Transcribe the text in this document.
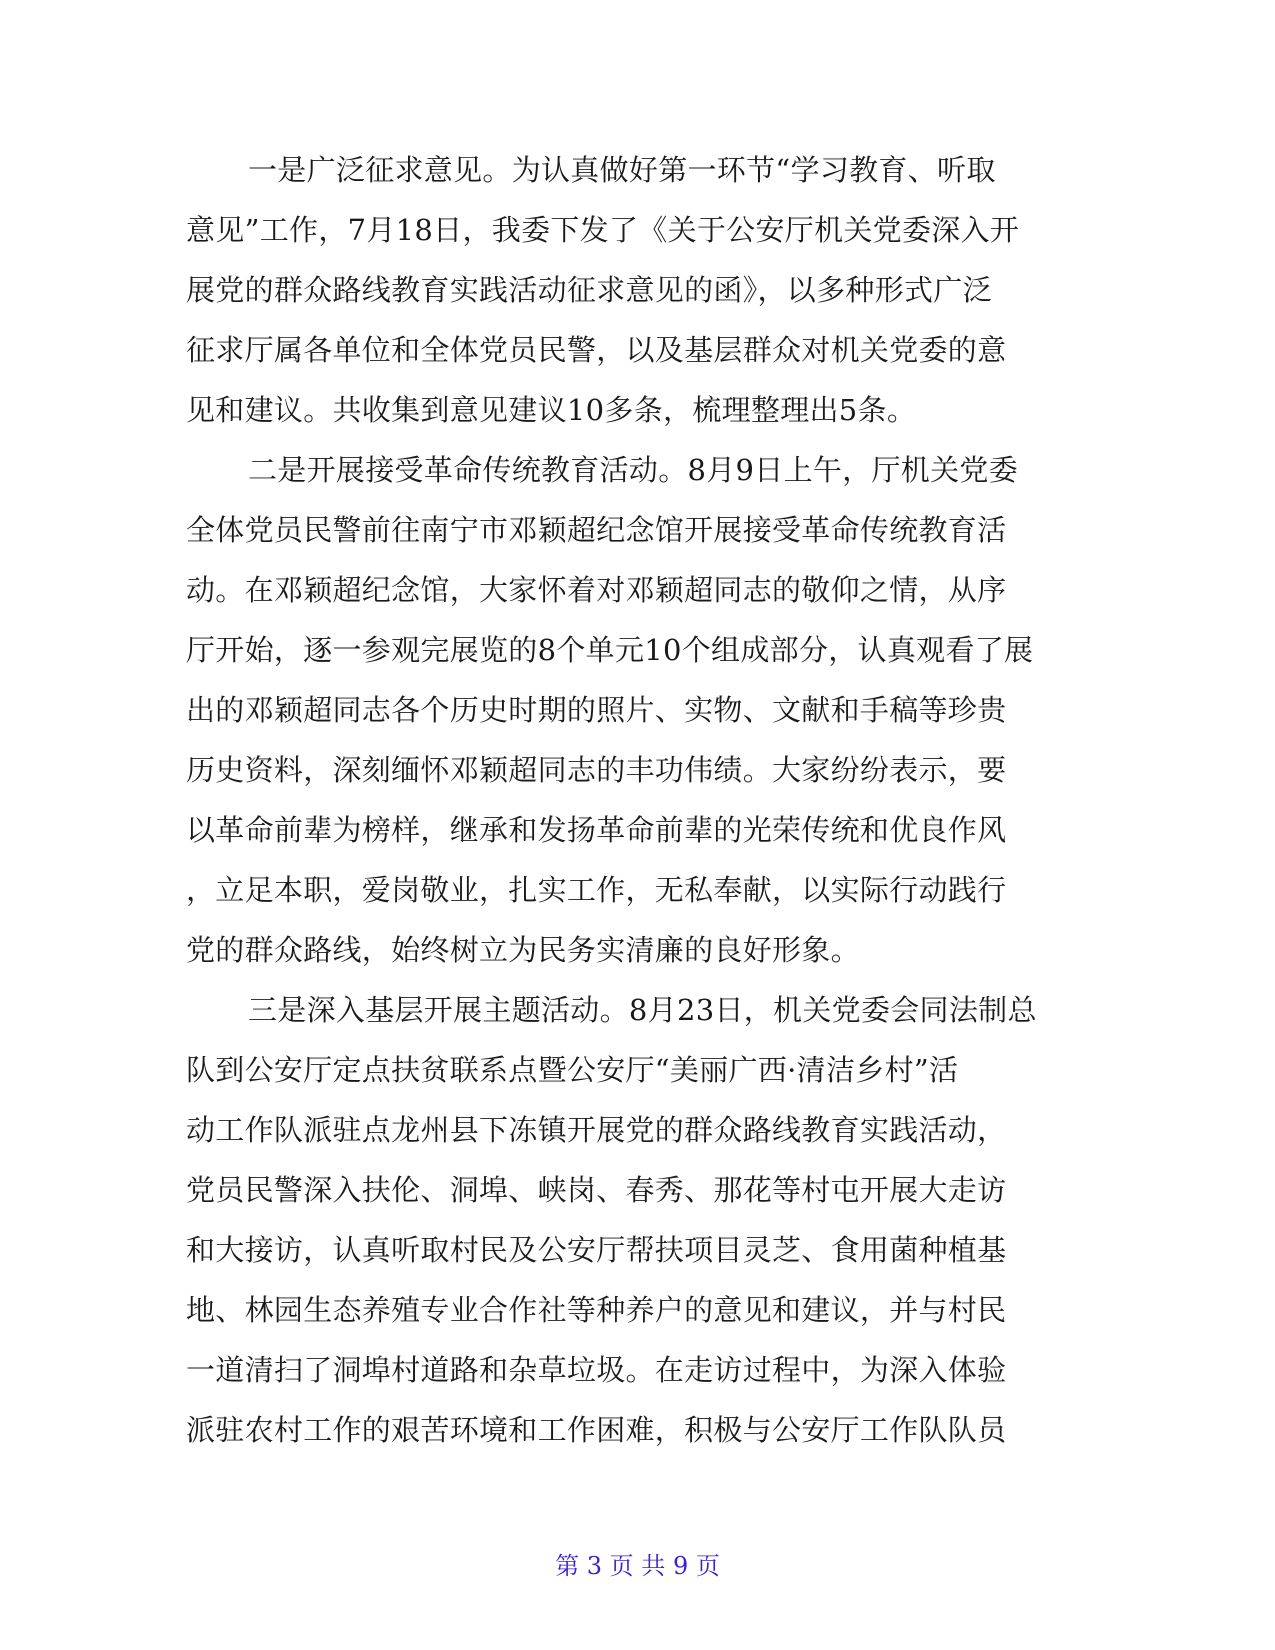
一是广泛征求意见。为认真做好第一环节“学习教育、听取
意见”工作，7月18日，我委下发了《关于公安厅机关党委深入开
展党的群众路线教育实践活动征求意见的函》，以多种形式广泛
征求厅属各单位和全体党员民警，以及基层群众对机关党委的意
见和建议。共收集到意见建议10多条，梳理整理出5条。
二是开展接受革命传统教育活动。8月9日上午，厅机关党委
全体党员民警前往南宁市邓颖超纪念馆开展接受革命传统教育活
动。在邓颖超纪念馆，大家怀着对邓颖超同志的敬仰之情，从序
厅开始，逐一参观完展览的8个单元10个组成部分，认真观看了展
出的邓颖超同志各个历史时期的照片、实物、文献和手稿等珍贵
历史资料，深刻缅怀邓颖超同志的丰功伟绩。大家纷纷表示，要
以革命前辈为榜样，继承和发扬革命前辈的光荣传统和优良作风
，立足本职，爱岗敬业，扎实工作，无私奉献，以实际行动践行
党的群众路线，始终树立为民务实清廉的良好形象。
三是深入基层开展主题活动。8月23日，机关党委会同法制总
队到公安厅定点扶贫联系点暨公安厅“美丽广西·清洁乡村”活
动工作队派驻点龙州县下冻镇开展党的群众路线教育实践活动，
党员民警深入扶伦、洞埠、峡岗、春秀、那花等村屯开展大走访
和大接访，认真听取村民及公安厅帮扶项目灵芝、食用菌种植基
地、林园生态养殖专业合作社等种养户的意见和建议，并与村民
一道清扫了洞埠村道路和杂草垃圾。在走访过程中，为深入体验
派驻农村工作的艰苦环境和工作困难，积极与公安厅工作队队员
第 3 页 共 9 页
